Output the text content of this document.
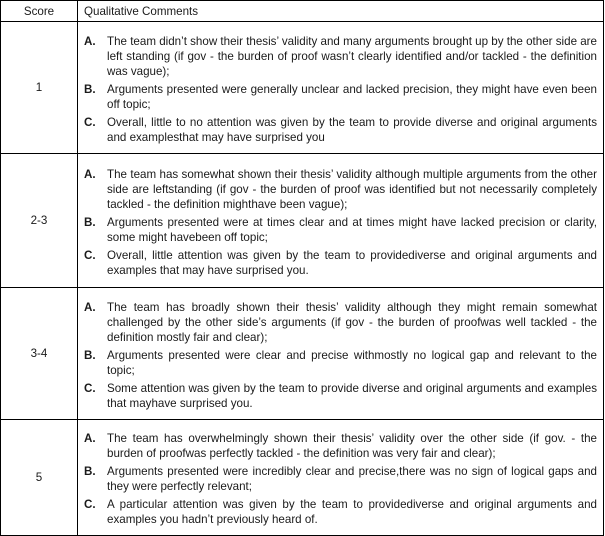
Score	Qualitative Comments
1	
A. The team didn’t show their thesis’ validity and many arguments brought up by the other side are left standing (if gov - the burden of proof wasn’t clearly identified and/or tackled - the definition was vague);
B. Arguments presented were generally unclear and lacked precision, they might have even been off topic;
C. Overall, little to no attention was given by the team to provide diverse and original arguments and examplesthat may have surprised you

2-3	
A. The team has somewhat shown their thesis’ validity although multiple arguments from the other side are leftstanding (if gov - the burden of proof was identified but not necessarily completely tackled - the definition mighthave been vague);
B. Arguments presented were at times clear and at times might have lacked precision or clarity, some might havebeen off topic;
C. Overall, little attention was given by the team to providediverse and original arguments and examples that may have surprised you.

3-4	
A. The team has broadly shown their thesis’ validity although they might remain somewhat challenged by the other side’s arguments (if gov - the burden of proofwas well tackled - the definition mostly fair and clear);
B. Arguments presented were clear and precise withmostly no logical gap and relevant to the topic;
C. Some attention was given by the team to provide diverse and original arguments and examples that mayhave surprised you.

5	
A. The team has overwhelmingly shown their thesis’ validity over the other side (if gov. - the burden of proofwas perfectly tackled - the definition was very fair and clear);
B. Arguments presented were incredibly clear and precise,there was no sign of logical gaps and they were perfectly relevant;
C. A particular attention was given by the team to providediverse and original arguments and examples you hadn’t previously heard of.
